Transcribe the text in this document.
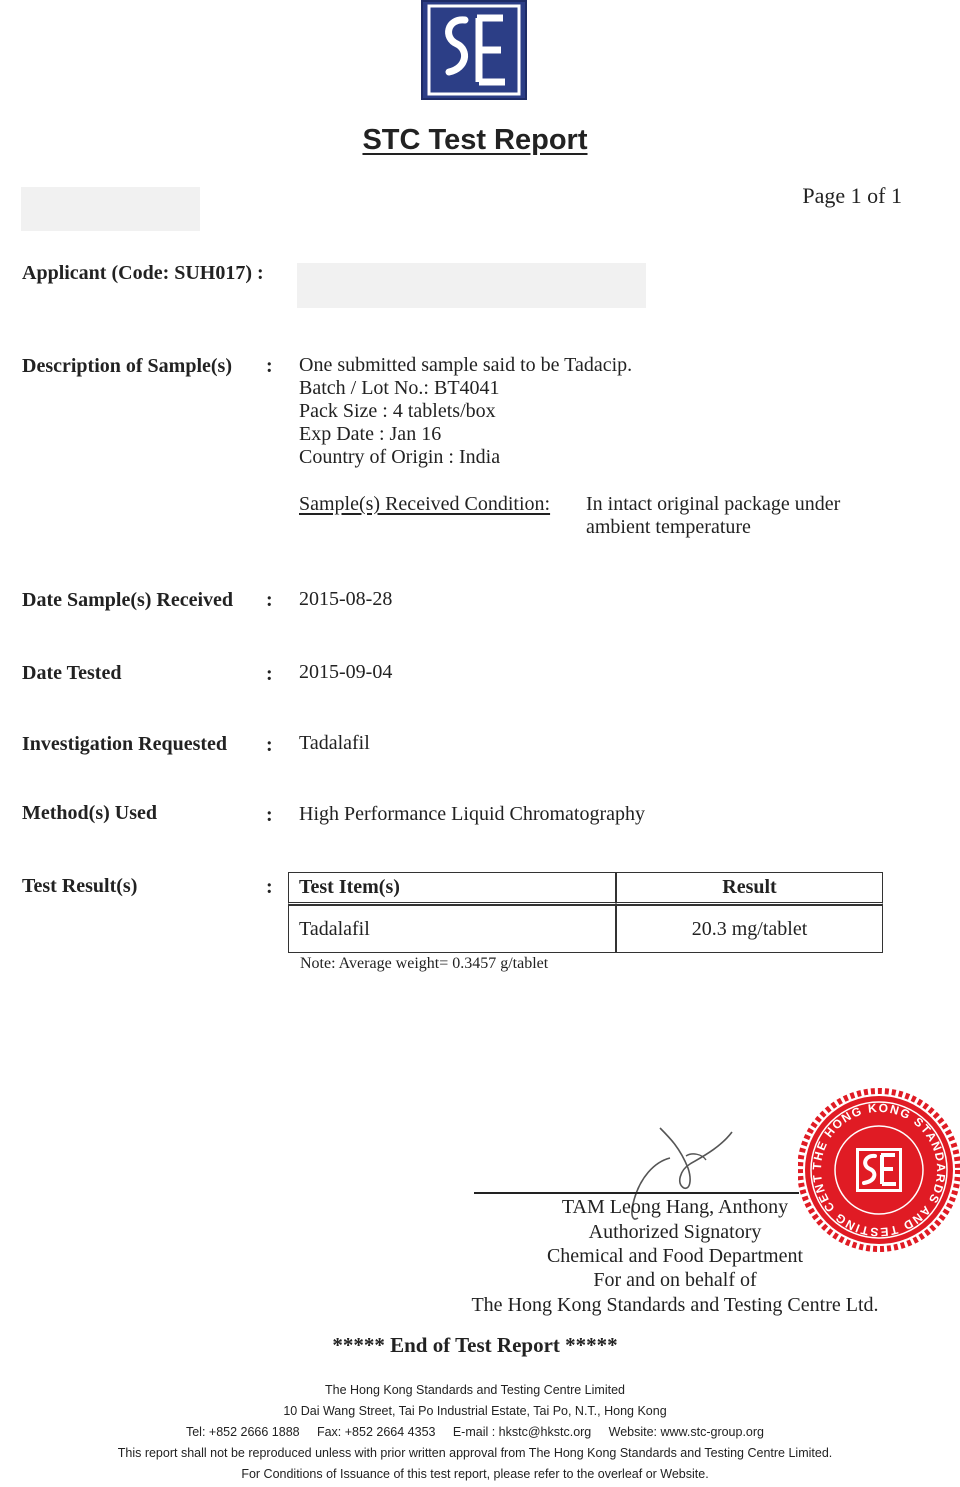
STC Test Report
Page 1 of 1
Applicant (Code: SUH017) :
Description of Sample(s) : One submitted sample said to be Tadacip.
Batch / Lot No.: BT4041
Pack Size : 4 tablets/box
Exp Date : Jan 16
Country of Origin : India
Sample(s) Received Condition: In intact original package under
ambient temperature
Date Sample(s) Received : 2015-08-28
Date Tested	: 2015-09-04
Investigation Requested : Tadalafil
Method(s) Used	: High Performance Liquid Chromatography
Test Result(s)	: Test Item(s)	Result
Tadalafil	20.3 mg/tablet
Note: Average weight= 0.3457 g/tablet
TAM Leong Hang, Anthony
Authorized Signatory
Chemical and Food Department
For and on behalf of
The Hong Kong Standards and Testing Centre Ltd.
THE HONG KONG STANDARDS AND TESTING CENT
***** End of Test Report *****
The Hong Kong Standards and Testing Centre Limited
10 Dai Wang Street, Tai Po Industrial Estate, Tai Po, N.T., Hong Kong
Tel: +852 2666 1888     Fax: +852 2664 4353     E-mail : hkstc@hkstc.org     Website: www.stc-group.org
This report shall not be reproduced unless with prior written approval from The Hong Kong Standards and Testing Centre Limited.
For Conditions of Issuance of this test report, please refer to the overleaf or Website.
